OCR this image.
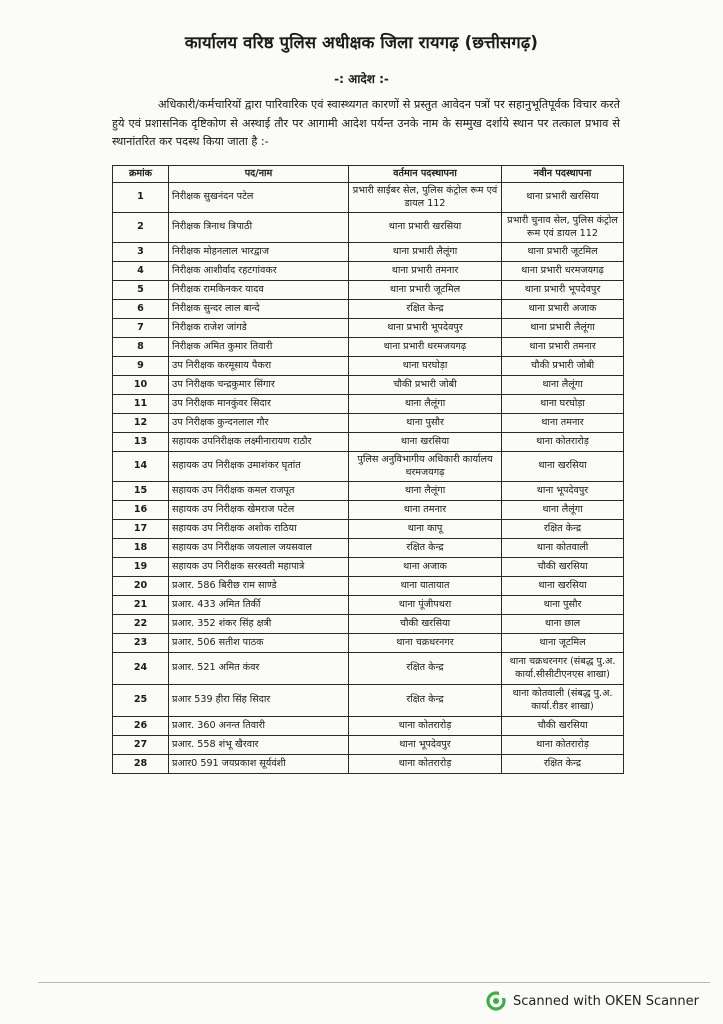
कार्यालय वरिष्ठ पुलिस अधीक्षक जिला रायगढ़ (छत्तीसगढ़)
-: आदेश :-
अधिकारी/कर्मचारियों द्वारा पारिवारिक एवं स्वास्थ्यगत कारणों से प्रस्तुत आवेदन पत्रों पर सहानुभूतिपूर्वक विचार करते हुये एवं प्रशासनिक दृष्टिकोण से अस्थाई तौर पर आगामी आदेश पर्यन्त उनके नाम के सम्मुख दर्शाये स्थान पर तत्काल प्रभाव से स्थानांतरित कर पदस्थ किया जाता है :-
क्रमांक	पद/नाम	वर्तमान पदस्थापना	नवीन पदस्थापना
1	निरीक्षक सुखनंदन पटेल	प्रभारी साईबर सेल, पुलिस कंट्रोल रूम एवं डायल 112	थाना प्रभारी खरसिया
2	निरीक्षक त्रिनाथ त्रिपाठी	थाना प्रभारी खरसिया	प्रभारी चुनाव सेल, पुलिस कंट्रोल रूम एवं डायल 112
3	निरीक्षक मोहनलाल भारद्वाज	थाना प्रभारी लैलूंगा	थाना प्रभारी जूटमिल
4	निरीक्षक आशीर्वाद रहटगांवकर	थाना प्रभारी तमनार	थाना प्रभारी धरमजयगढ़
5	निरीक्षक रामकिनकर यादव	थाना प्रभारी जूटमिल	थाना प्रभारी भूपदेवपुर
6	निरीक्षक सुन्दर लाल बान्दे	रक्षित केन्द्र	थाना प्रभारी अजाक
7	निरीक्षक राजेश जांगडे	थाना प्रभारी भूपदेवपुर	थाना प्रभारी लैलूंगा
8	निरीक्षक अमित कुमार तिवारी	थाना प्रभारी धरमजयगढ़	थाना प्रभारी तमनार
9	उप निरीक्षक करमूसाय पैकरा	थाना घरघोड़ा	चौकी प्रभारी जोबी
10	उप निरीक्षक चन्द्रकुमार सिंगार	चौकी प्रभारी जोबी	थाना लैलूंगा
11	उप निरीक्षक मानकुंवर सिदार	थाना लैलूंगा	थाना घरघोड़ा
12	उप निरीक्षक कुन्दनलाल गौर	थाना पुसौर	थाना तमनार
13	सहायक उपनिरीक्षक लक्ष्मीनारायण राठौर	थाना खरसिया	थाना कोतरारोड़
14	सहायक उप निरीक्षक उमाशंकर घृतांत	पुलिस अनुविभागीय अधिकारी कार्यालय धरमजयगढ़	थाना खरसिया
15	सहायक उप निरीक्षक कमल राजपूत	थाना लैलूंगा	थाना भूपदेवपुर
16	सहायक उप निरीक्षक खेमराज पटेल	थाना तमनार	थाना लैलूंगा
17	सहायक उप निरीक्षक अशोक राठिया	थाना कापू	रक्षित केन्द्र
18	सहायक उप निरीक्षक जयलाल जयसवाल	रक्षित केन्द्र	थाना कोतवाली
19	सहायक उप निरीक्षक सरस्वती महापात्रे	थाना अजाक	चौकी खरसिया
20	प्रआर. 586 बिरीछ राम साण्डे	थाना यातायात	थाना खरसिया
21	प्रआर. 433 अमित तिर्की	थाना पूंजीपथरा	थाना पुसौर
22	प्रआर. 352 शंकर सिंह क्षत्री	चौकी खरसिया	थाना छाल
23	प्रआर. 506 सतीश पाठक	थाना चक्रधरनगर	थाना जूटमिल
24	प्रआर. 521 अमित कंवर	रक्षित केन्द्र	थाना चक्रधरनगर (संबद्ध पु.अ. कार्या.सीसीटीएनएस शाखा)
25	प्रआर 539 हीरा सिंह सिदार	रक्षित केन्द्र	थाना कोतवाली (संबद्ध पु.अ. कार्या.रीडर शाखा)
26	प्रआर. 360 अनन्त तिवारी	थाना कोतरारोड़	चौकी खरसिया
27	प्रआर. 558 शंभू खैरवार	थाना भूपदेवपुर	थाना कोतरारोड़
28	प्रआर0 591 जयप्रकाश सूर्यवंशी	थाना कोतरारोड़	रक्षित केन्द्र
Scanned with OKEN Scanner
